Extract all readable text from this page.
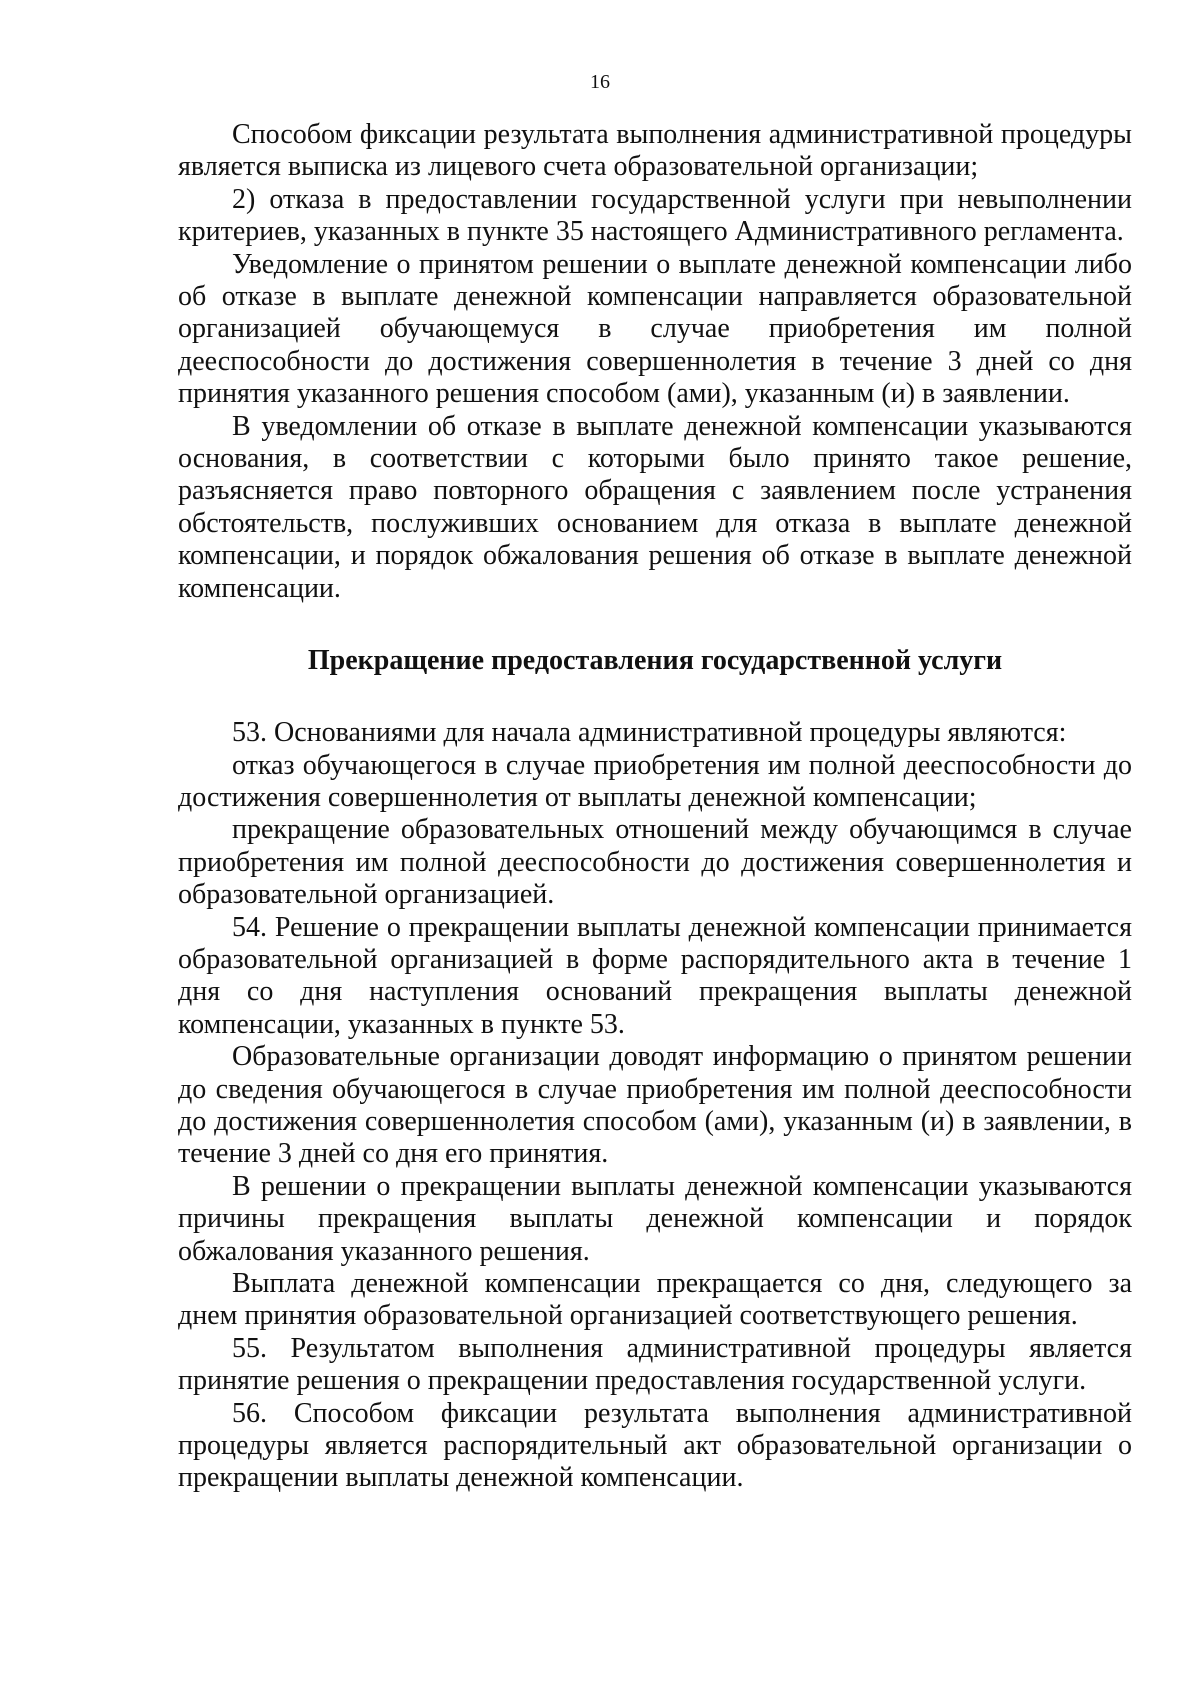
16

Способом фиксации результата выполнения административной процедуры является выписка из лицевого счета образовательной организации;

2) отказа в предоставлении государственной услуги при невыполнении критериев, указанных в пункте 35 настоящего Административного регламента.

Уведомление о принятом решении о выплате денежной компенсации либо об отказе в выплате денежной компенсации направляется образовательной организацией обучающемуся в случае приобретения им полной дееспособности до достижения совершеннолетия в течение 3 дней со дня принятия указанного решения способом (ами), указанным (и) в заявлении.

В уведомлении об отказе в выплате денежной компенсации указываются основания, в соответствии с которыми было принято такое решение, разъясняется право повторного обращения с заявлением после устранения обстоятельств, послуживших основанием для отказа в выплате денежной компенсации, и порядок обжалования решения об отказе в выплате денежной компенсации.

Прекращение предоставления государственной услуги

53. Основаниями для начала административной процедуры являются:

отказ обучающегося в случае приобретения им полной дееспособности до достижения совершеннолетия от выплаты денежной компенсации;

прекращение образовательных отношений между обучающимся в случае приобретения им полной дееспособности до достижения совершеннолетия и образовательной организацией.

54. Решение о прекращении выплаты денежной компенсации принимается образовательной организацией в форме распорядительного акта в течение 1 дня со дня наступления оснований прекращения выплаты денежной компенсации, указанных в пункте 53.

Образовательные организации доводят информацию о принятом решении до сведения обучающегося в случае приобретения им полной дееспособности до достижения совершеннолетия способом (ами), указанным (и) в заявлении, в течение 3 дней со дня его принятия.

В решении о прекращении выплаты денежной компенсации указываются причины прекращения выплаты денежной компенсации и порядок обжалования указанного решения.

Выплата денежной компенсации прекращается со дня, следующего за днем принятия образовательной организацией соответствующего решения.

55. Результатом выполнения административной процедуры является принятие решения о прекращении предоставления государственной услуги.

56. Способом фиксации результата выполнения административной процедуры является распорядительный акт образовательной организации о прекращении выплаты денежной компенсации.
